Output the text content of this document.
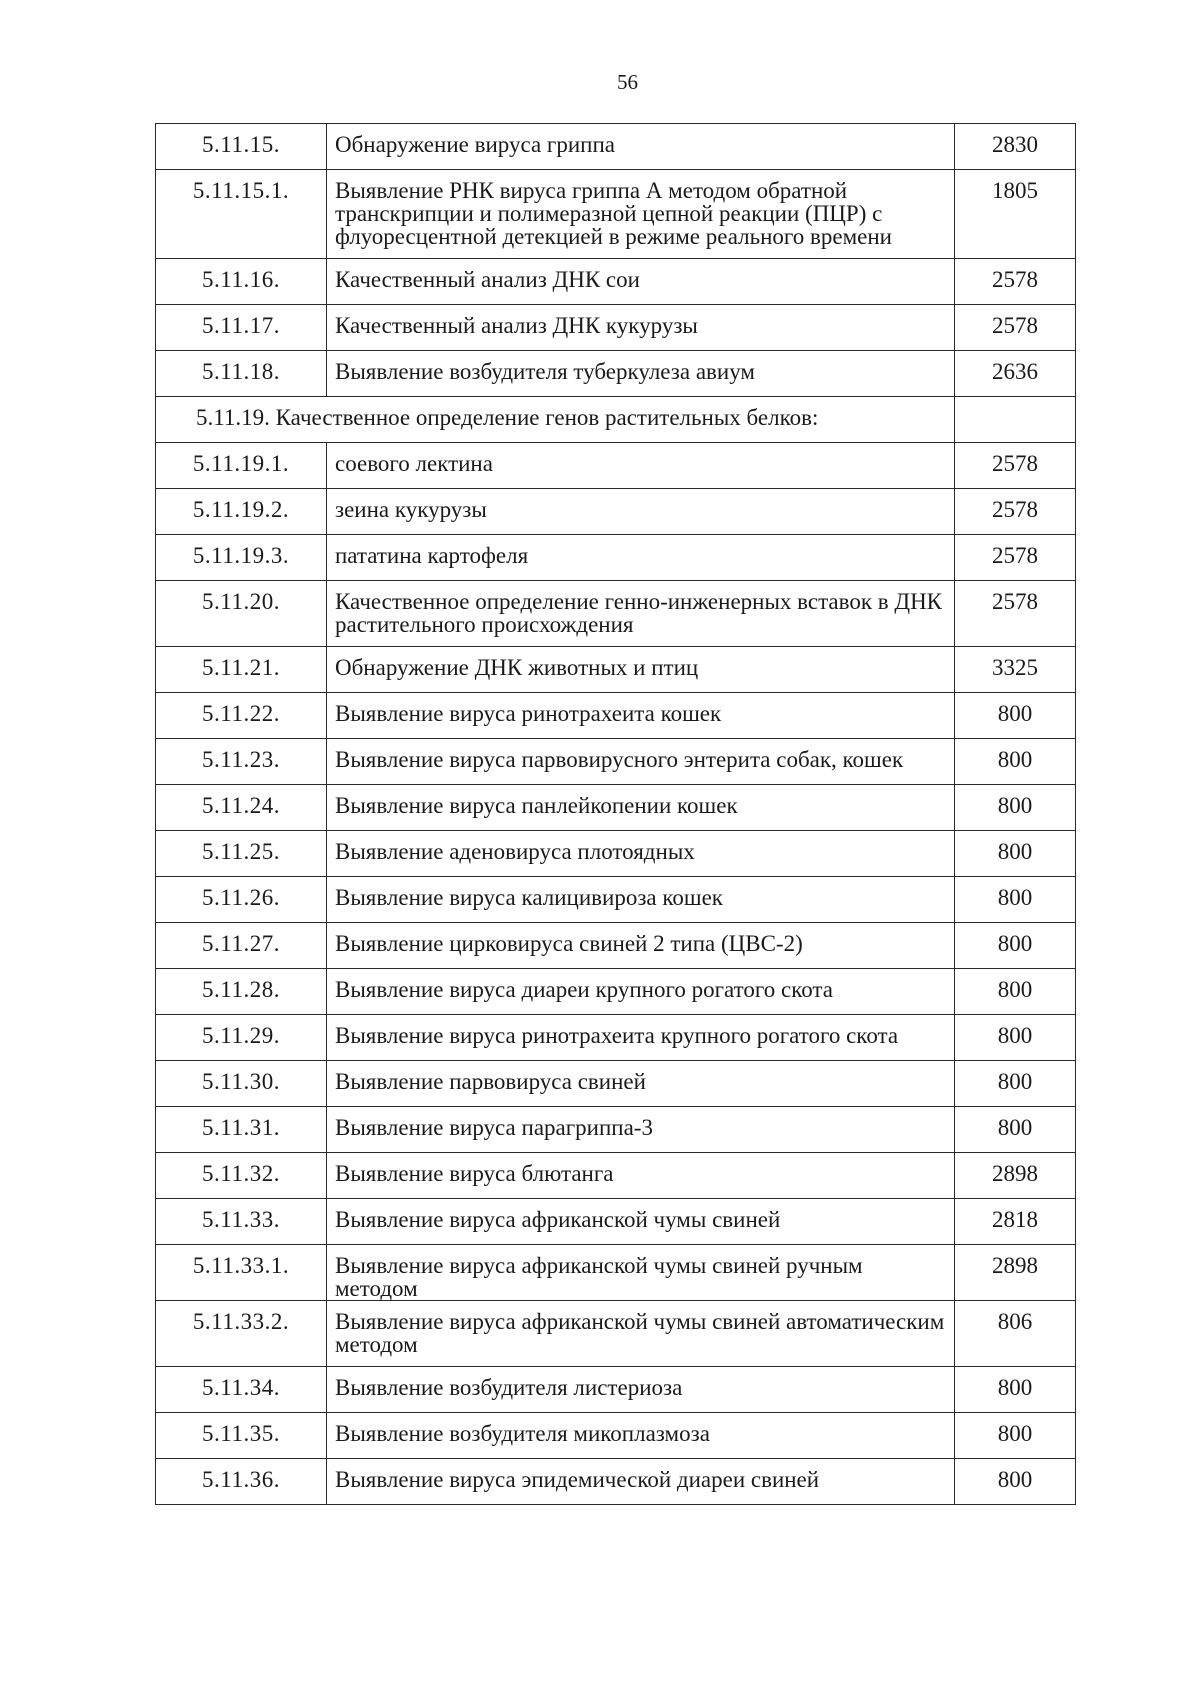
56
5.11.15.	Обнаружение вируса гриппа	2830
5.11.15.1.	Выявление РНК вируса гриппа А методом обратной транскрипции и полимеразной цепной реакции (ПЦР) с флуоресцентной детекцией в режиме реального времени	1805
5.11.16.	Качественный анализ ДНК сои	2578
5.11.17.	Качественный анализ ДНК кукурузы	2578
5.11.18.	Выявление возбудителя туберкулеза авиум	2636
5.11.19. Качественное определение генов растительных белков:		
5.11.19.1.	соевого лектина	2578
5.11.19.2.	зеина кукурузы	2578
5.11.19.3.	пататина картофеля	2578
5.11.20.	Качественное определение генно-инженерных вставок в ДНК растительного происхождения	2578
5.11.21.	Обнаружение ДНК животных и птиц	3325
5.11.22.	Выявление вируса ринотрахеита кошек	800
5.11.23.	Выявление вируса парвовирусного энтерита собак, кошек	800
5.11.24.	Выявление вируса панлейкопении кошек	800
5.11.25.	Выявление аденовируса плотоядных	800
5.11.26.	Выявление вируса калицивироза кошек	800
5.11.27.	Выявление цирковируса свиней 2 типа (ЦВС-2)	800
5.11.28.	Выявление вируса диареи крупного рогатого скота	800
5.11.29.	Выявление вируса ринотрахеита крупного рогатого скота	800
5.11.30.	Выявление парвовируса свиней	800
5.11.31.	Выявление вируса парагриппа-3	800
5.11.32.	Выявление вируса блютанга	2898
5.11.33.	Выявление вируса африканской чумы свиней	2818
5.11.33.1.	Выявление вируса африканской чумы свиней ручным методом	2898
5.11.33.2.	Выявление вируса африканской чумы свиней автоматическим методом	806
5.11.34.	Выявление возбудителя листериоза	800
5.11.35.	Выявление возбудителя микоплазмоза	800
5.11.36.	Выявление вируса эпидемической диареи свиней	800
